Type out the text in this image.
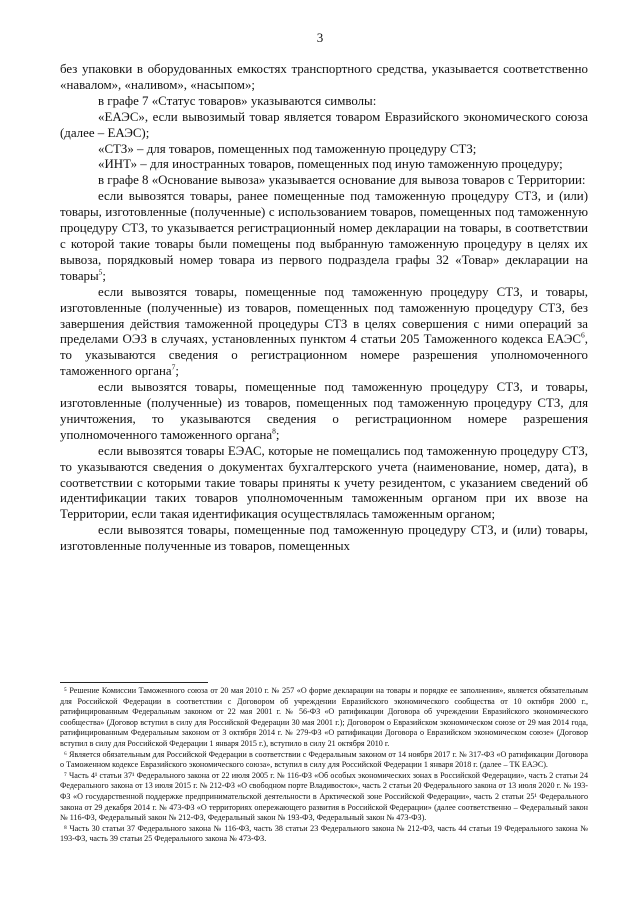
3

без упаковки в оборудованных емкостях транспортного средства, указывается соответственно «навалом», «наливом», «насыпом»;

в графе 7 «Статус товаров» указываются символы:

«ЕАЭС», если вывозимый товар является товаром Евразийского экономического союза (далее – ЕАЭС);

«СТЗ» – для товаров, помещенных под таможенную процедуру СТЗ;

«ИНТ» – для иностранных товаров, помещенных под иную таможенную процедуру;

в графе 8 «Основание вывоза» указывается основание для вывоза товаров с Территории:

если вывозятся товары, ранее помещенные под таможенную процедуру СТЗ, и (или) товары, изготовленные (полученные) с использованием товаров, помещенных под таможенную процедуру СТЗ, то указывается регистрационный номер декларации на товары, в соответствии с которой такие товары были помещены под выбранную таможенную процедуру в целях их вывоза, порядковый номер товара из первого подраздела графы 32 «Товар» декларации на товары$^5$;

если вывозятся товары, помещенные под таможенную процедуру СТЗ, и товары, изготовленные (полученные) из товаров, помещенных под таможенную процедуру СТЗ, без завершения действия таможенной процедуры СТЗ в целях совершения с ними операций за пределами ОЭЗ в случаях, установленных пунктом 4 статьи 205 Таможенного кодекса ЕАЭС$^6$, то указываются сведения о регистрационном номере разрешения уполномоченного таможенного органа$^7$;

если вывозятся товары, помещенные под таможенную процедуру СТЗ, и товары, изготовленные (полученные) из товаров, помещенных под таможенную процедуру СТЗ, для уничтожения, то указываются сведения о регистрационном номере разрешения уполномоченного таможенного органа$^8$;

если вывозятся товары ЕЭАС, которые не помещались под таможенную процедуру СТЗ, то указываются сведения о документах бухгалтерского учета (наименование, номер, дата), в соответствии с которыми такие товары приняты к учету резидентом, с указанием сведений об идентификации таких товаров уполномоченным таможенным органом при их ввозе на Территории, если такая идентификация осуществлялась таможенным органом;

если вывозятся товары, помещенные под таможенную процедуру СТЗ, и (или) товары, изготовленные полученные из товаров, помещенных

⁵ Решение Комиссии Таможенного союза от 20 мая 2010 г. № 257 «О форме декларации на товары и порядке ее заполнения», является обязательным для Российской Федерации в соответствии с Договором об учреждении Евразийского экономического сообщества от 10 октября 2000 г., ратифицированным Федеральным законом от 22 мая 2001 г. № 56-ФЗ «О ратификации Договора об учреждении Евразийского экономического сообщества» (Договор вступил в силу для Российской Федерации 30 мая 2001 г.); Договором о Евразийском экономическом союзе от 29 мая 2014 года, ратифицированным Федеральным законом от 3 октября 2014 г. № 279-ФЗ «О ратификации Договора о Евразийском экономическом союзе» (Договор вступил в силу для Российской Федерации 1 января 2015 г.), вступило в силу 21 октября 2010 г.

⁶ Является обязательным для Российской Федерации в соответствии с Федеральным законом от 14 ноября 2017 г. № 317-ФЗ «О ратификации Договора о Таможенном кодексе Евразийского экономического союза», вступил в силу для Российской Федерации 1 января 2018 г. (далее – ТК ЕАЭС).

⁷ Часть 4¹ статьи 37¹ Федерального закона от 22 июля 2005 г. № 116-ФЗ «Об особых экономических зонах в Российской Федерации», часть 2 статьи 24 Федерального закона от 13 июля 2015 г. № 212-ФЗ «О свободном порте Владивосток», часть 2 статьи 20 Федерального закона от 13 июля 2020 г. № 193-ФЗ «О государственной поддержке предпринимательской деятельности в Арктической зоне Российской Федерации», часть 2 статьи 25¹ Федерального закона от 29 декабря 2014 г. № 473-ФЗ «О территориях опережающего развития в Российской Федерации» (далее соответственно – Федеральный закон № 116-ФЗ, Федеральный закон № 212-ФЗ, Федеральный закон № 193-ФЗ, Федеральный закон № 473-ФЗ).

⁸ Часть 30 статьи 37 Федерального закона № 116-ФЗ, часть 38 статьи 23 Федерального закона № 212-ФЗ, часть 44 статьи 19 Федерального закона № 193-ФЗ, часть 39 статьи 25 Федерального закона № 473-ФЗ.
